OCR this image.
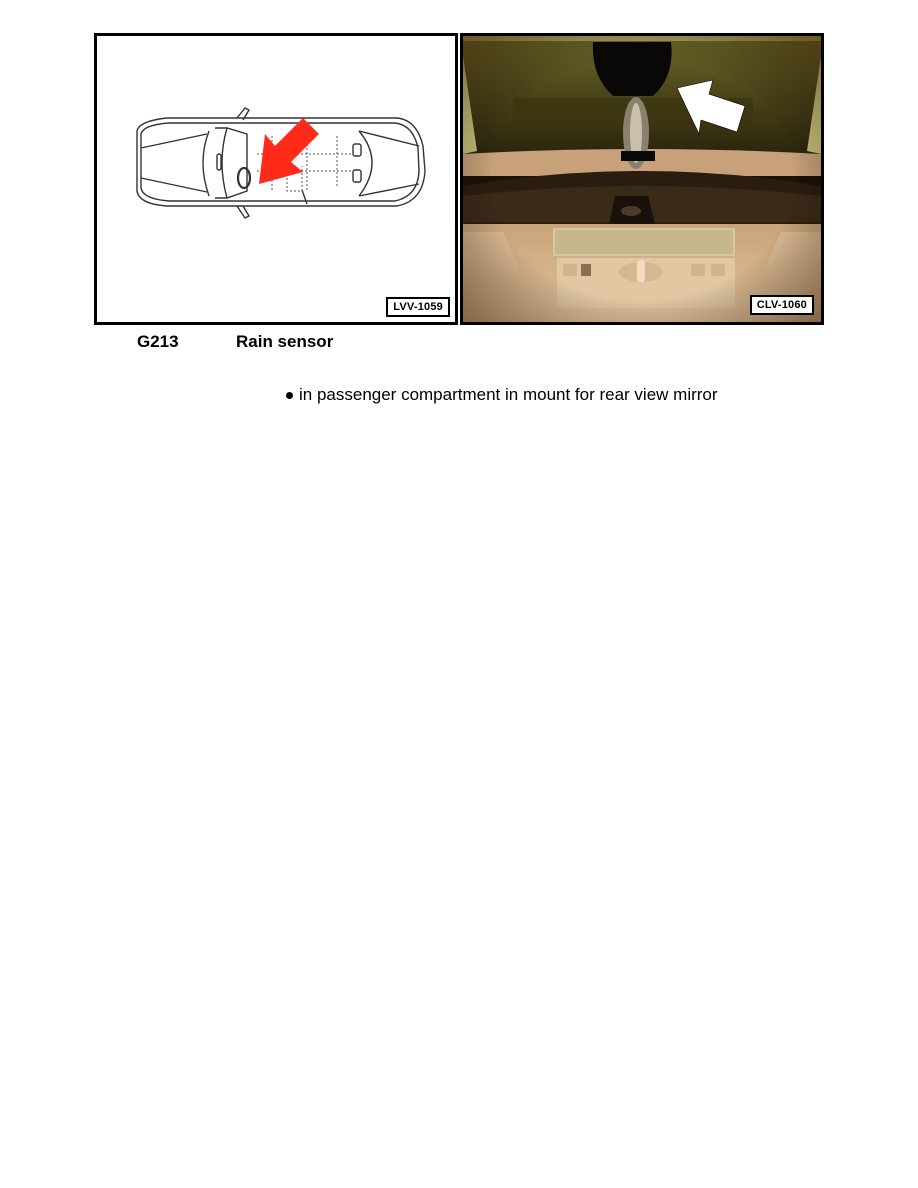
LVV-1059	CLV-1060
G213	Rain sensor
in passenger compartment in mount for rear view mirror
